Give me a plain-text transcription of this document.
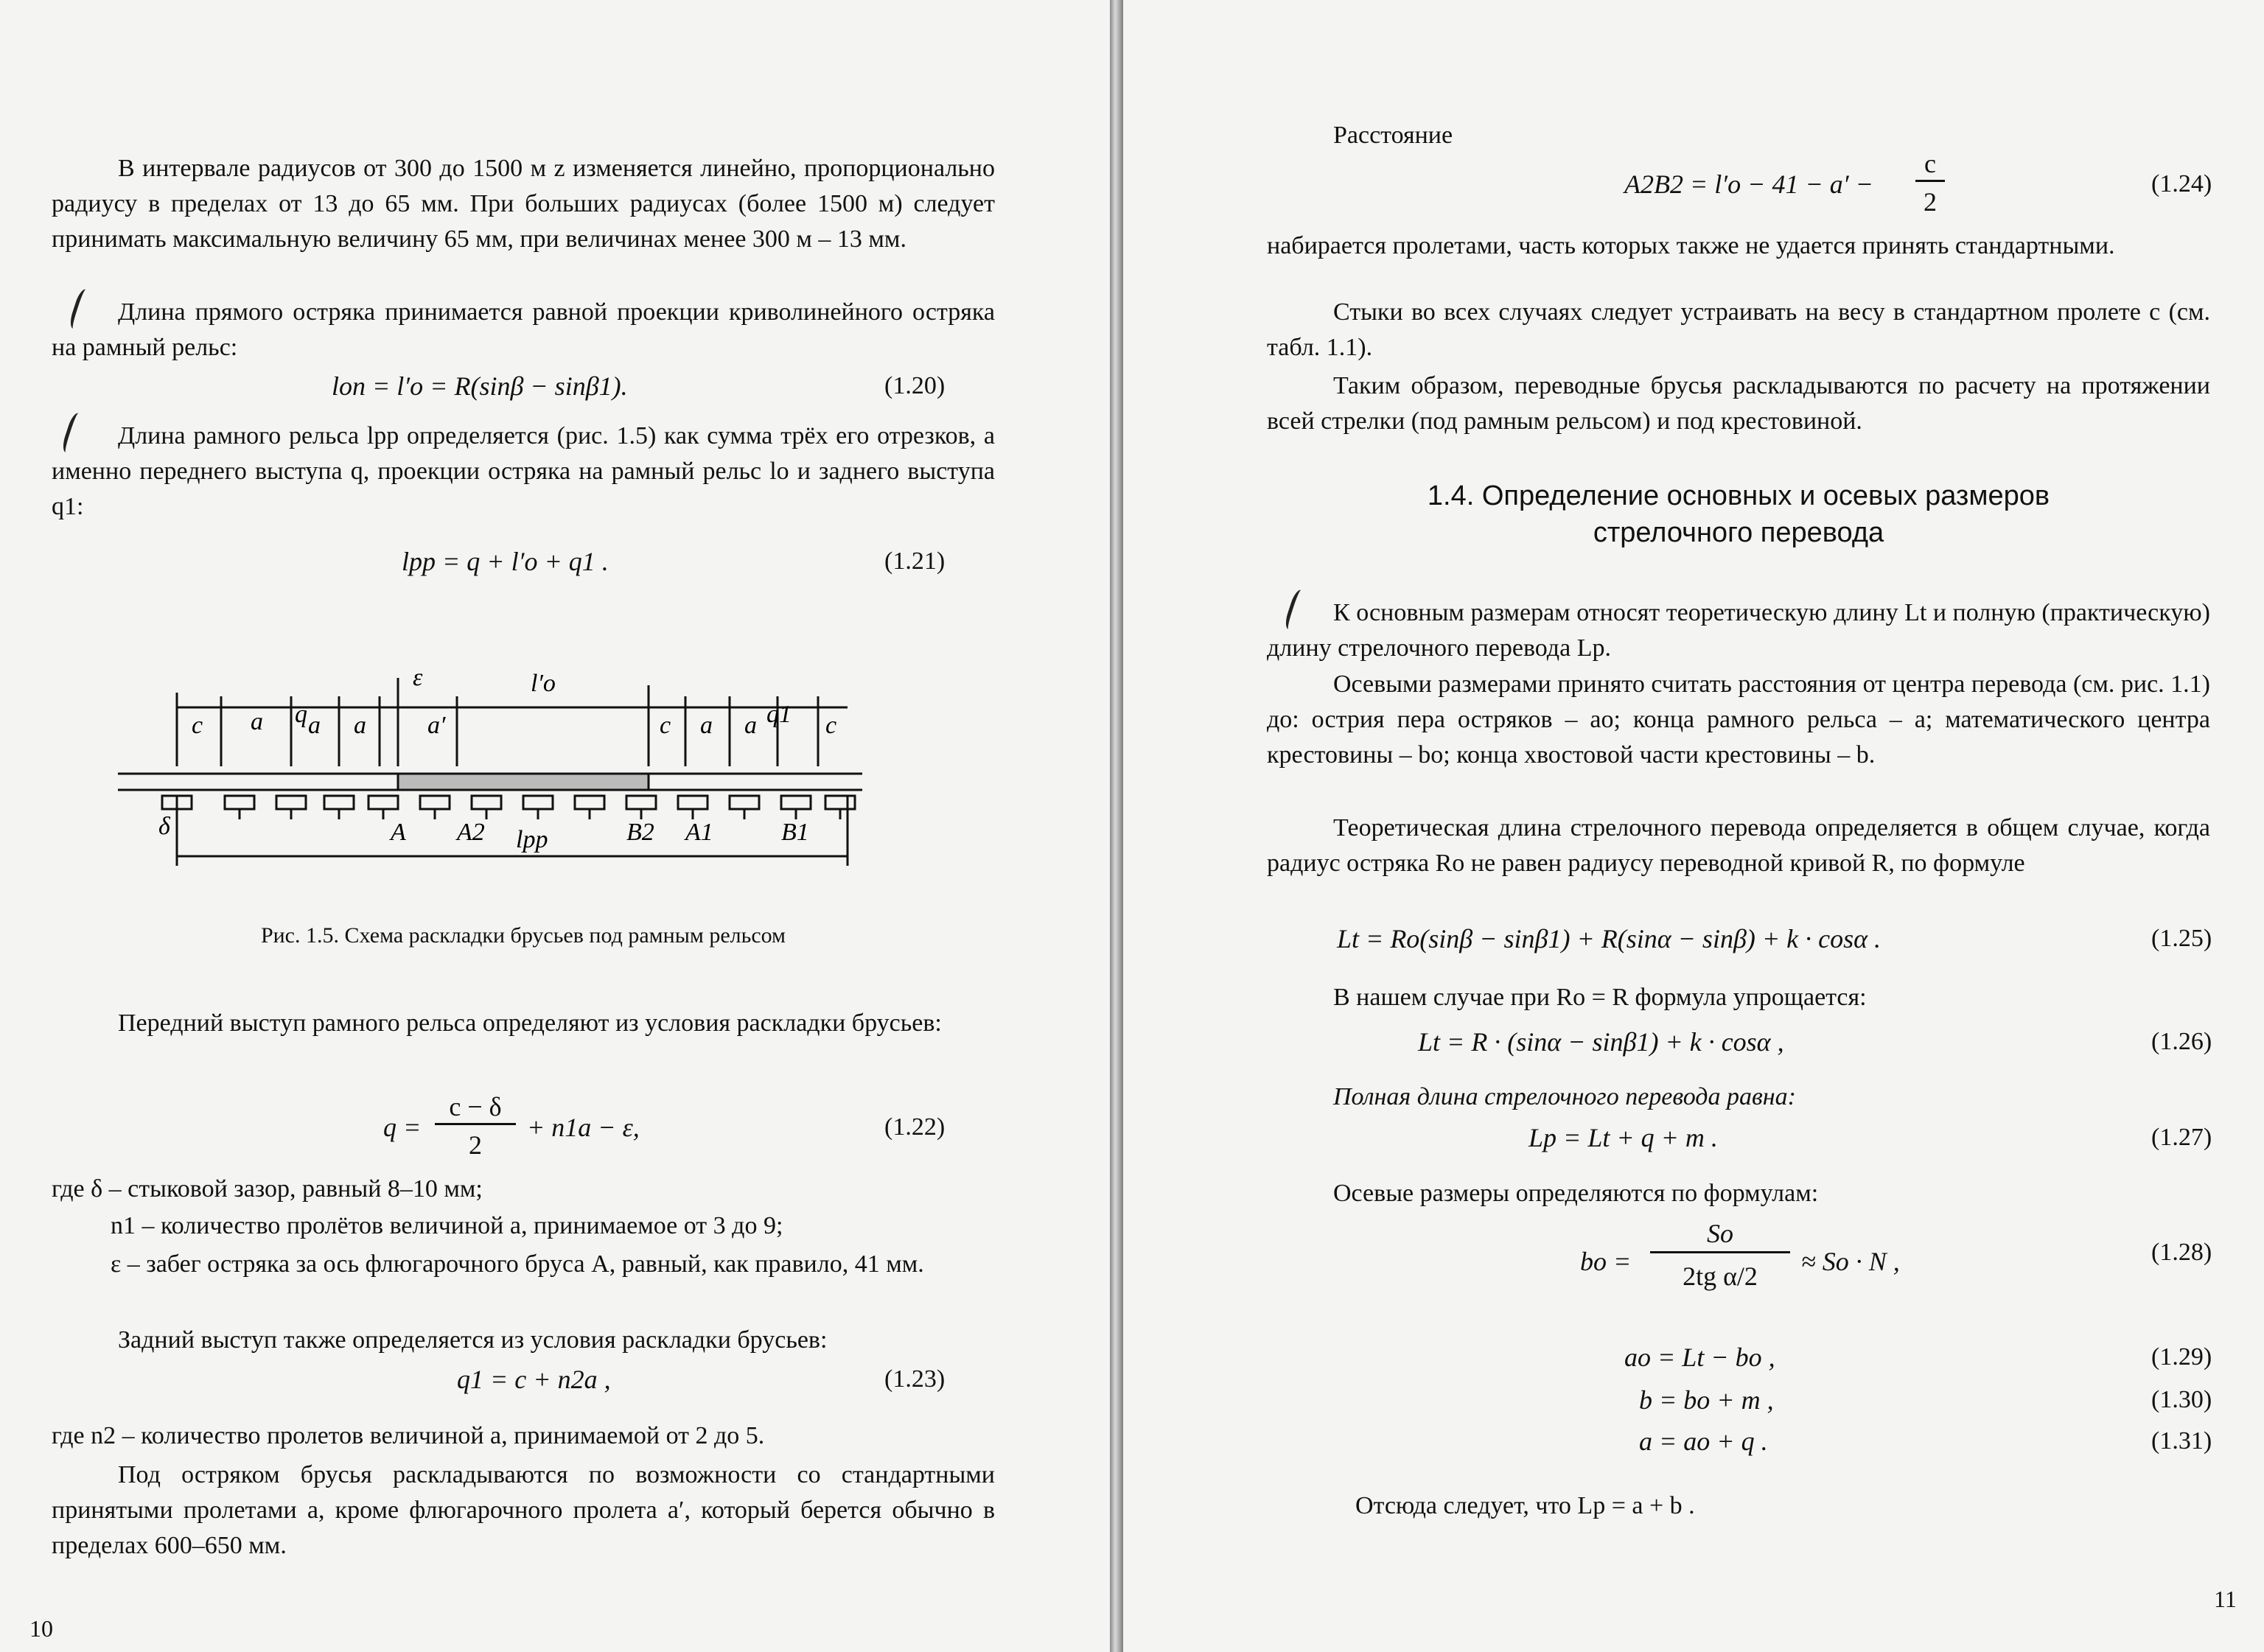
В интервале радиусов от 300 до 1500 м z изменяется линейно, пропорционально радиусу в пределах от 13 до 65 мм. При больших радиусах (более 1500 м) следует принимать максимальную величину 65 мм, при величинах менее 300 м – 13 мм.

Длина прямого остряка принимается равной проекции криволинейного остряка на рамный рельс:

lоп = l′о = R(sinβ − sinβ1).	(1.20)

Длина рамного рельса lрр определяется (рис. 1.5) как сумма трёх его отрезков, а именно переднего выступа q, проекции остряка на рамный рельс lо и заднего выступа q1:

lрр = q + l′о + q1 .	(1.21)
ε	l′о
c a q a a a′	c a a q1 c
δ	A A2 lpp	B2 A1	B1
Рис. 1.5. Схема раскладки брусьев под рамным рельсом

Передний выступ рамного рельса определяют из условия раскладки брусьев:

q =
c − δ
2
+ n1a − ε,	(1.22)

где δ – стыковой зазор, равный 8–10 мм;

n1 – количество пролётов величиной a, принимаемое от 3 до 9;

ε – забег остряка за ось флюгарочного бруса A, равный, как правило, 41 мм.

Задний выступ также определяется из условия раскладки брусьев:

q1 = c + n2a ,	(1.23)

где n2 – количество пролетов величиной a, принимаемой от 2 до 5.

Под остряком брусья раскладываются по возможности со стандартными принятыми пролетами a, кроме флюгарочного пролета a′, который берется обычно в пределах 600–650 мм.

10

Расстояние

A2B2 = l′о − 41 − a′ −
c
2
(1.24)

набирается пролетами, часть которых также не удается принять стандартными.

Стыки во всех случаях следует устраивать на весу в стандартном пролете c (см. табл. 1.1).

Таким образом, переводные брусья раскладываются по расчету на протяжении всей стрелки (под рамным рельсом) и под крестовиной.

1.4. Определение основных и осевых размеров
стрелочного перевода

К основным размерам относят теоретическую длину Lt и полную (практическую) длину стрелочного перевода Lp.

Осевыми размерами принято считать расстояния от центра перевода (см. рис. 1.1) до: острия пера остряков – aо; конца рамного рельса – a; математического центра крестовины – bо; конца хвостовой части крестовины – b.

Теоретическая длина стрелочного перевода определяется в общем случае, когда радиус остряка Rо не равен радиусу переводной кривой R, по формуле

Lt = Rо(sinβ − sinβ1) + R(sinα − sinβ) + k · cosα .	(1.25)

В нашем случае при Rо = R формула упрощается:

Lt = R · (sinα − sinβ1) + k · cosα ,	(1.26)

Полная длина стрелочного перевода равна:

Lp = Lt + q + m .	(1.27)

Осевые размеры определяются по формулам:

bо =
Sо
2tg α/2	≈ Sо · N ,	(1.28)
aо = Lt − bо ,	(1.29)
b = bо + m ,	(1.30)
a = aо + q .	(1.31)

Отсюда следует, что Lp = a + b .

11
